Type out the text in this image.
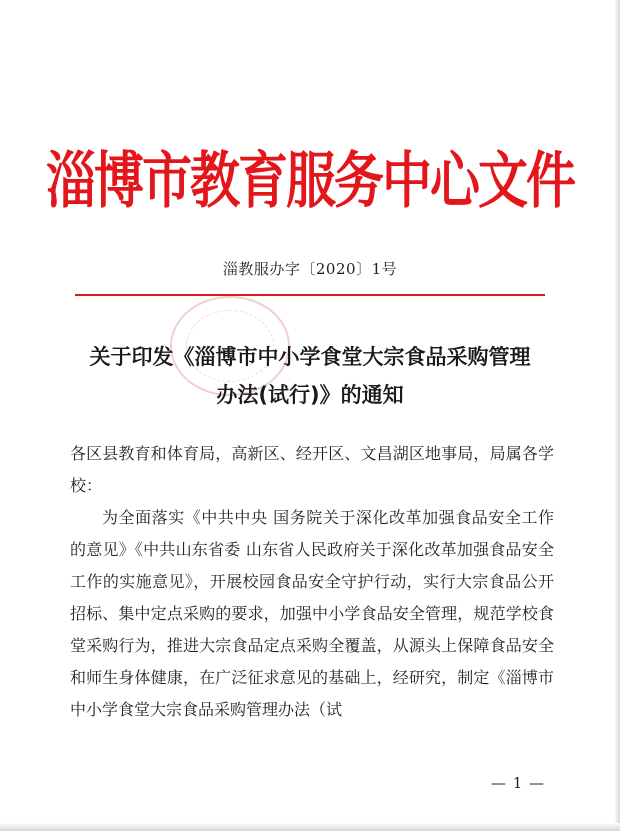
淄博市教育服务中心文件
淄教服办字〔2020〕1号
关于印发《淄博市中小学食堂大宗食品采购管理
办法(试行)》的通知

各区县教育和体育局，高新区、经开区、文昌湖区地事局，局属各学校：

为全面落实《中共中央 国务院关于深化改革加强食品安全工作的意见》《中共山东省委 山东省人民政府关于深化改革加强食品安全工作的实施意见》，开展校园食品安全守护行动，实行大宗食品公开招标、集中定点采购的要求，加强中小学食品安全管理，规范学校食堂采购行为，推进大宗食品定点采购全覆盖，从源头上保障食品安全和师生身体健康，在广泛征求意见的基础上，经研究，制定《淄博市中小学食堂大宗食品采购管理办法（试

— 1 —
